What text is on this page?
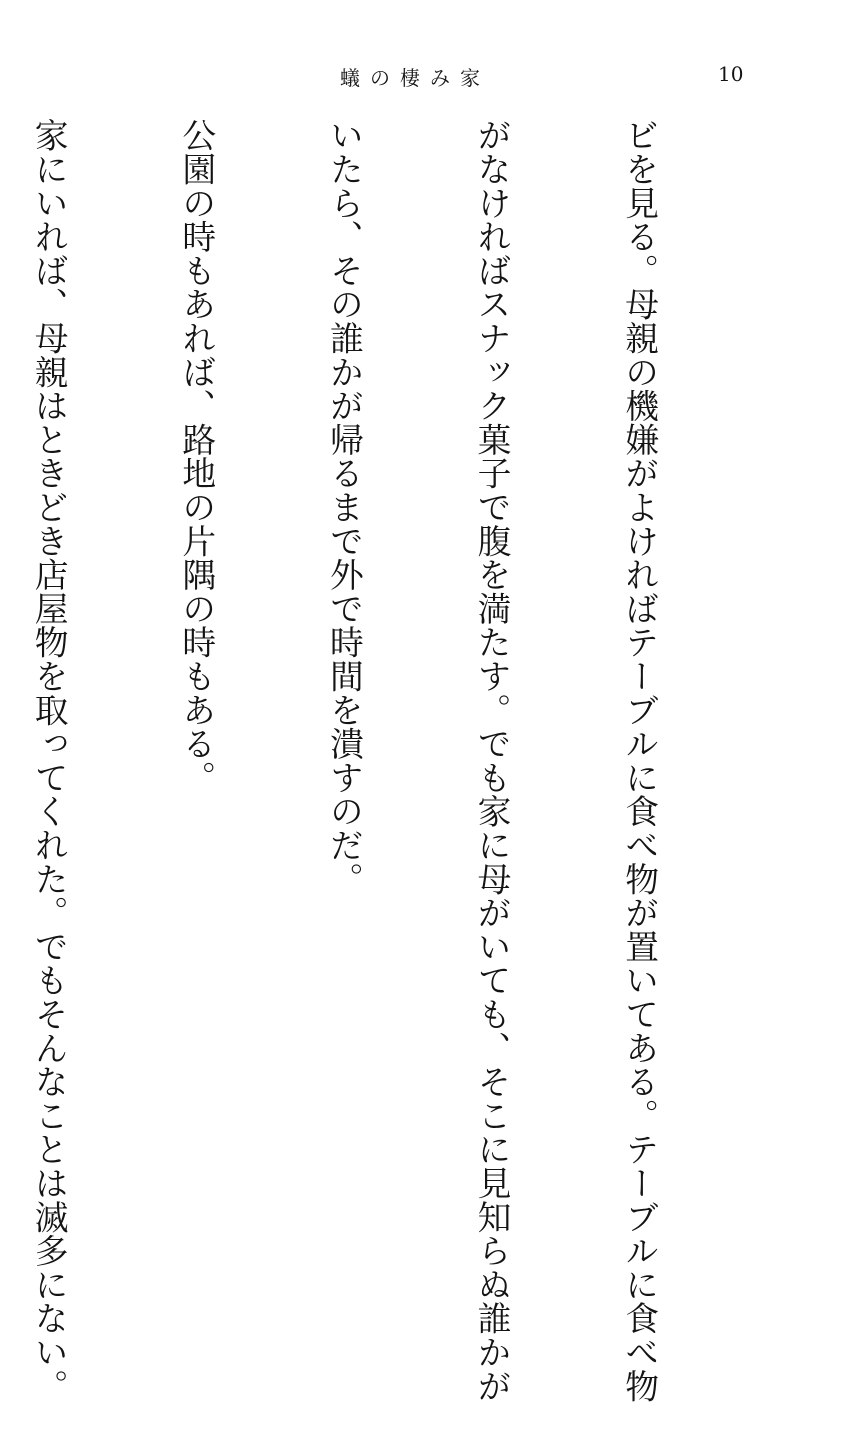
蟻の棲み家	10

ビを見る。母親の機嫌がよければテーブルに食べ物が置いてある。テーブルに食べ物

がなければスナック菓子で腹を満たす。でも家に母がいても、そこに見知らぬ誰かが

いたら、その誰かが帰るまで外で時間を潰すのだ。

公園の時もあれば、路地の片隅の時もある。

家にいれば、母親はときどき店屋物を取ってくれた。でもそんなことは滅多にない。
